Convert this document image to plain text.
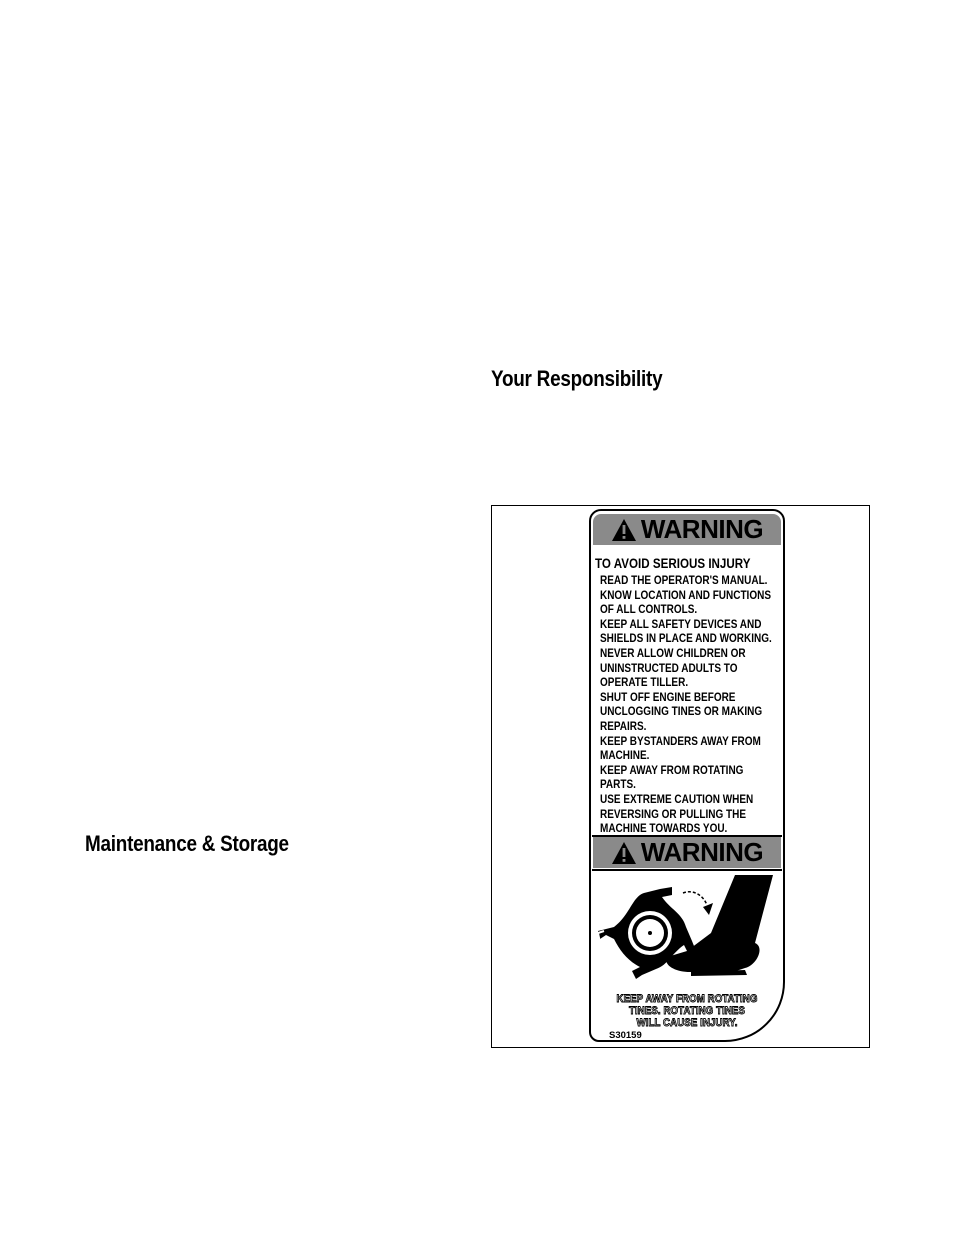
Your Responsibility
Maintenance & Storage
WARNING
TO AVOID SERIOUS INJURY
READ THE OPERATOR'S MANUAL.
KNOW LOCATION AND FUNCTIONS
OF ALL CONTROLS.
KEEP ALL SAFETY DEVICES AND
SHIELDS IN PLACE AND WORKING.
NEVER ALLOW CHILDREN OR
UNINSTRUCTED ADULTS TO
OPERATE TILLER.
SHUT OFF ENGINE BEFORE
UNCLOGGING TINES OR MAKING
REPAIRS.
KEEP BYSTANDERS AWAY FROM
MACHINE.
KEEP AWAY FROM ROTATING
PARTS.
USE EXTREME CAUTION WHEN
REVERSING OR PULLING THE
MACHINE TOWARDS YOU.
WARNING
KEEP AWAY FROM ROTATING
TINES. ROTATING TINES
WILL CAUSE INJURY.
S30159
